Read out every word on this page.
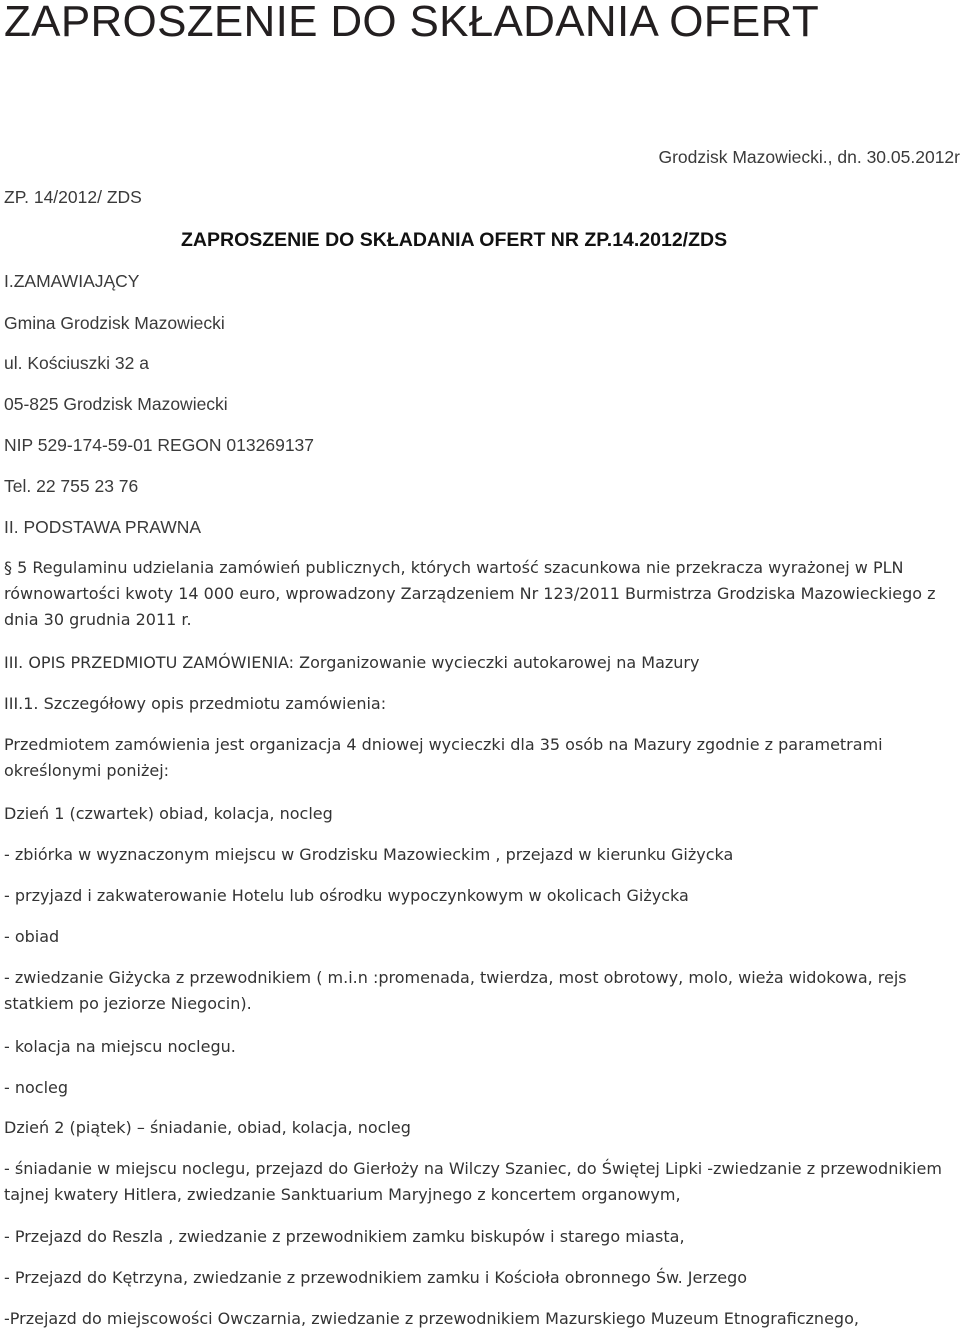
ZAPROSZENIE DO SKŁADANIA OFERT
Grodzisk Mazowiecki., dn. 30.05.2012r
ZP. 14/2012/ ZDS
ZAPROSZENIE DO SKŁADANIA OFERT NR ZP.14.2012/ZDS
I.ZAMAWIAJĄCY
Gmina Grodzisk Mazowiecki
ul. Kościuszki 32 a
05-825 Grodzisk Mazowiecki
NIP 529-174-59-01 REGON 013269137
Tel. 22 755 23 76
II. PODSTAWA PRAWNA
§ 5 Regulaminu udzielania zamówień publicznych, których wartość szacunkowa nie przekracza wyrażonej w PLN równowartości kwoty 14 000 euro, wprowadzony Zarządzeniem Nr 123/2011 Burmistrza Grodziska Mazowieckiego z dnia 30 grudnia 2011 r.
III. OPIS PRZEDMIOTU ZAMÓWIENIA: Zorganizowanie wycieczki autokarowej na Mazury
III.1. Szczegółowy opis przedmiotu zamówienia:
Przedmiotem zamówienia jest organizacja 4 dniowej wycieczki dla 35 osób na Mazury zgodnie z parametrami określonymi poniżej:
Dzień 1 (czwartek) obiad, kolacja, nocleg
- zbiórka w wyznaczonym miejscu w Grodzisku Mazowieckim , przejazd w kierunku Giżycka
- przyjazd i zakwaterowanie Hotelu lub ośrodku wypoczynkowym w okolicach Giżycka
- obiad
- zwiedzanie Giżycka z przewodnikiem ( m.i.n :promenada, twierdza, most obrotowy, molo, wieża widokowa, rejs statkiem po jeziorze Niegocin).
- kolacja na miejscu noclegu.
- nocleg
Dzień 2 (piątek) – śniadanie, obiad, kolacja, nocleg
- śniadanie w miejscu noclegu, przejazd do Gierłoży na Wilczy Szaniec, do Świętej Lipki -zwiedzanie z przewodnikiem tajnej kwatery Hitlera, zwiedzanie Sanktuarium Maryjnego z koncertem organowym,
- Przejazd do Reszla , zwiedzanie z przewodnikiem zamku biskupów i starego miasta,
- Przejazd do Kętrzyna, zwiedzanie z przewodnikiem zamku i Kościoła obronnego Św. Jerzego
-Przejazd do miejscowości Owczarnia, zwiedzanie z przewodnikiem Mazurskiego Muzeum Etnograficznego,
